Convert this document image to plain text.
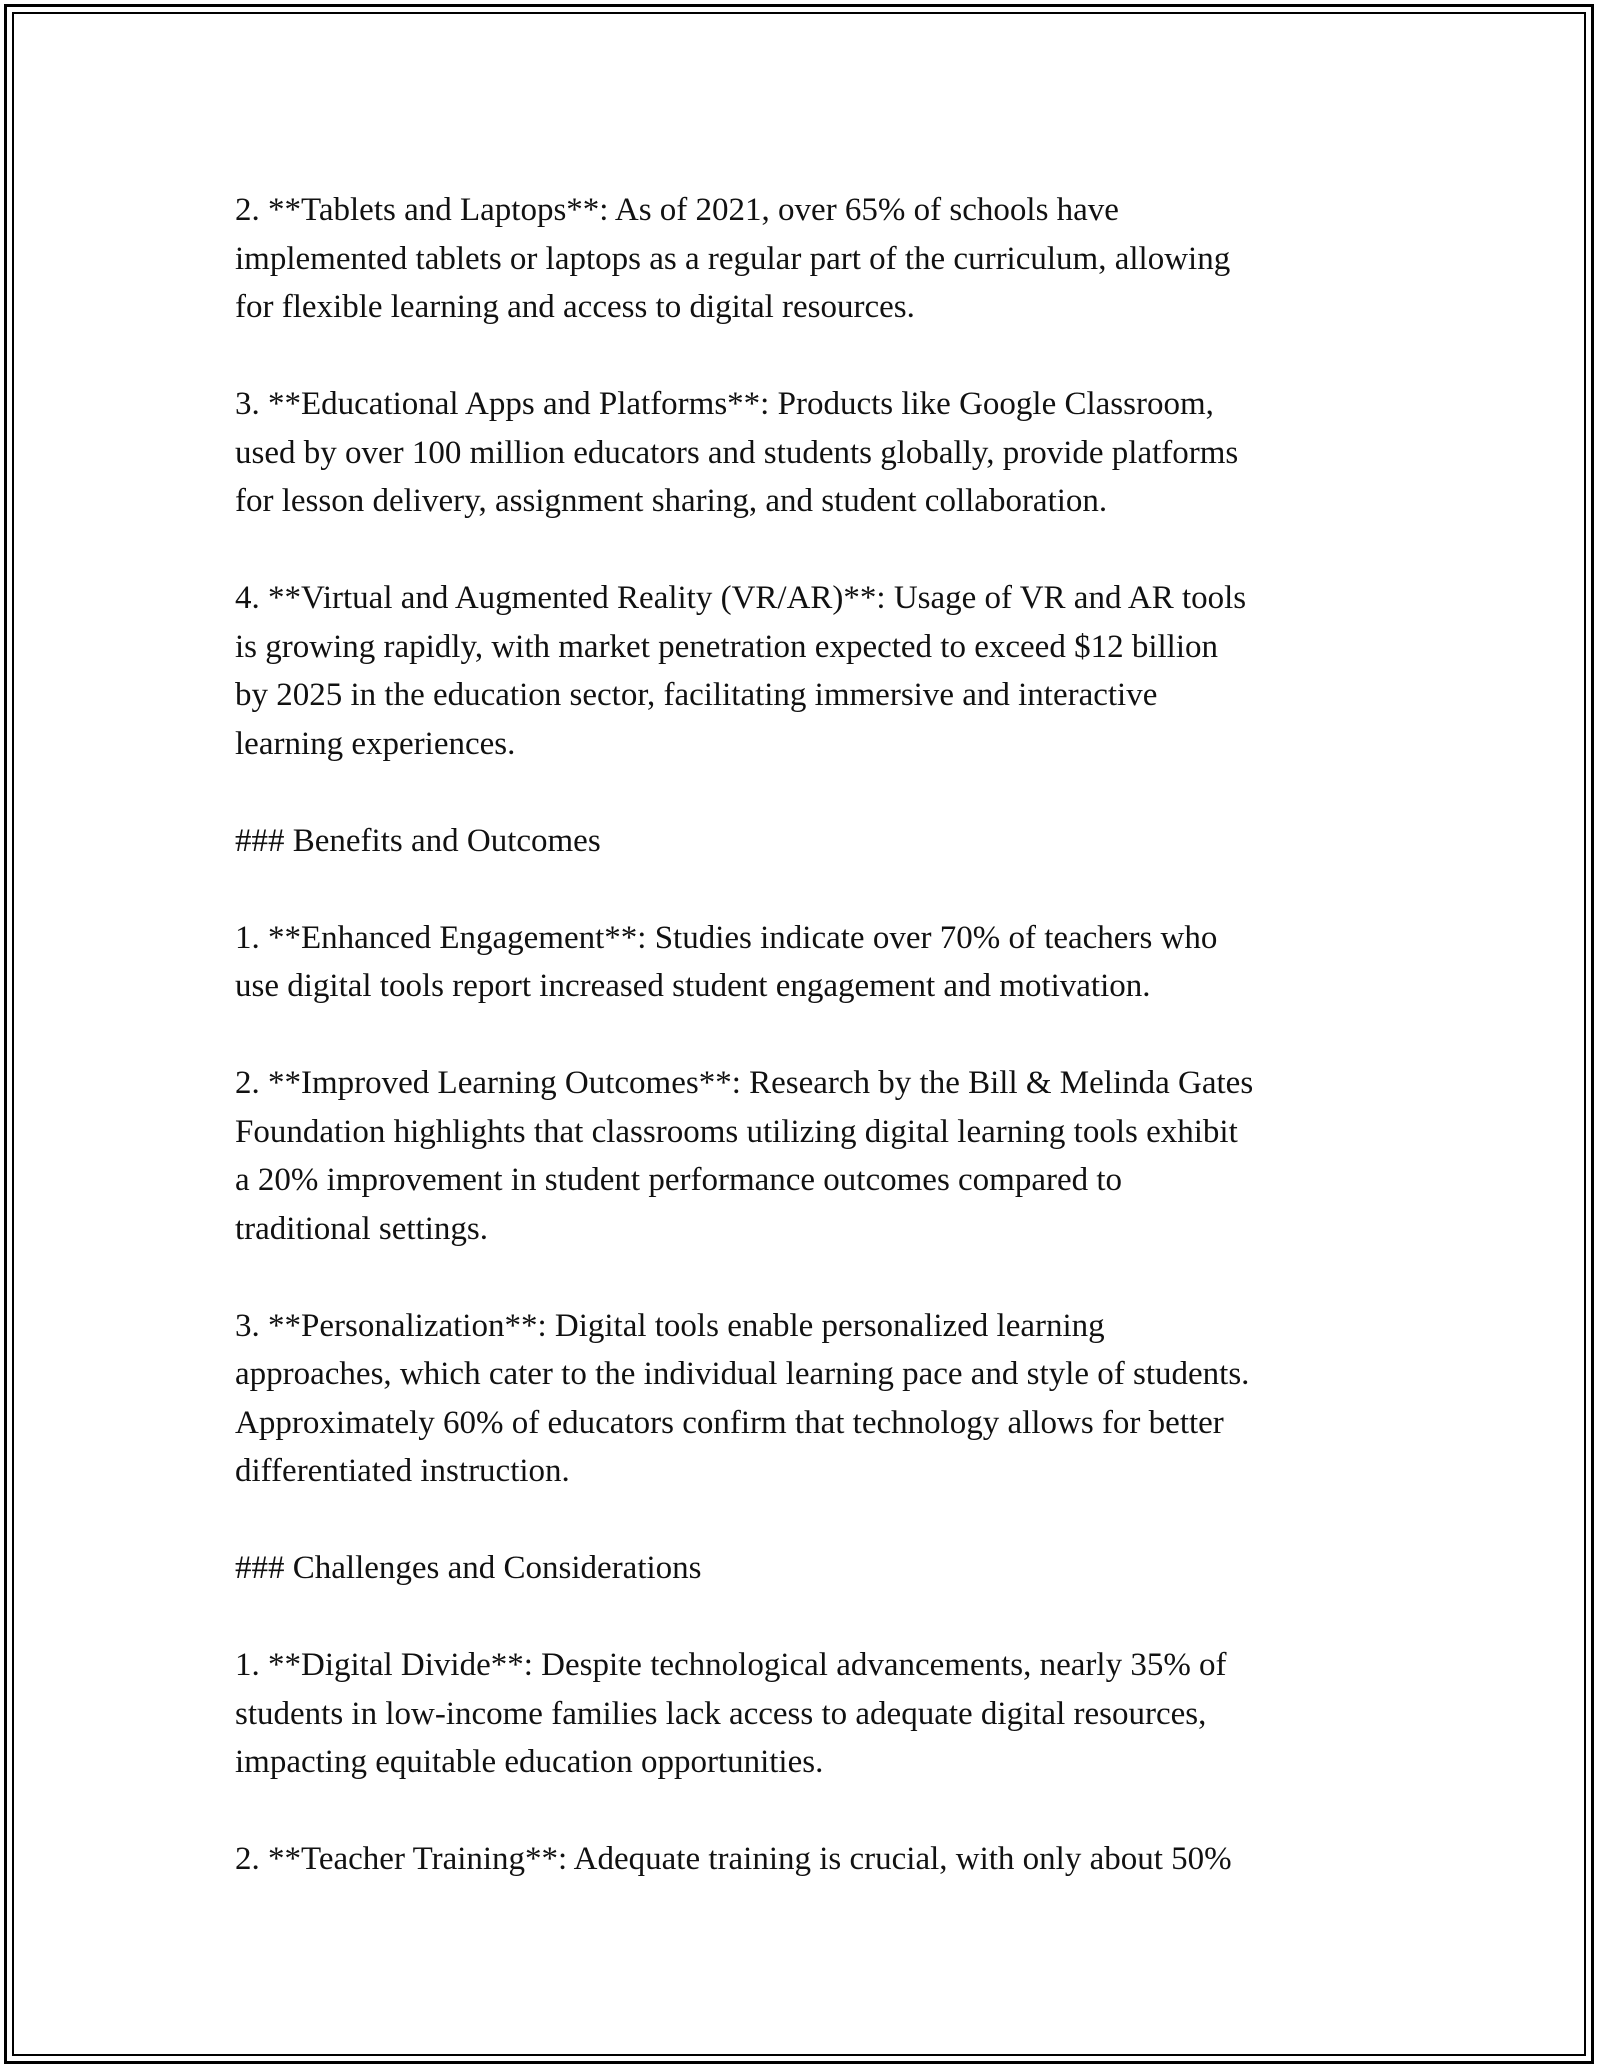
2. **Tablets and Laptops**: As of 2021, over 65% of schools have
implemented tablets or laptops as a regular part of the curriculum, allowing
for flexible learning and access to digital resources.
3. **Educational Apps and Platforms**: Products like Google Classroom,
used by over 100 million educators and students globally, provide platforms
for lesson delivery, assignment sharing, and student collaboration.
4. **Virtual and Augmented Reality (VR/AR)**: Usage of VR and AR tools
is growing rapidly, with market penetration expected to exceed $12 billion
by 2025 in the education sector, facilitating immersive and interactive
learning experiences.
### Benefits and Outcomes
1. **Enhanced Engagement**: Studies indicate over 70% of teachers who
use digital tools report increased student engagement and motivation.
2. **Improved Learning Outcomes**: Research by the Bill & Melinda Gates
Foundation highlights that classrooms utilizing digital learning tools exhibit
a 20% improvement in student performance outcomes compared to
traditional settings.
3. **Personalization**: Digital tools enable personalized learning
approaches, which cater to the individual learning pace and style of students.
Approximately 60% of educators confirm that technology allows for better
differentiated instruction.
### Challenges and Considerations
1. **Digital Divide**: Despite technological advancements, nearly 35% of
students in low-income families lack access to adequate digital resources,
impacting equitable education opportunities.
2. **Teacher Training**: Adequate training is crucial, with only about 50%
